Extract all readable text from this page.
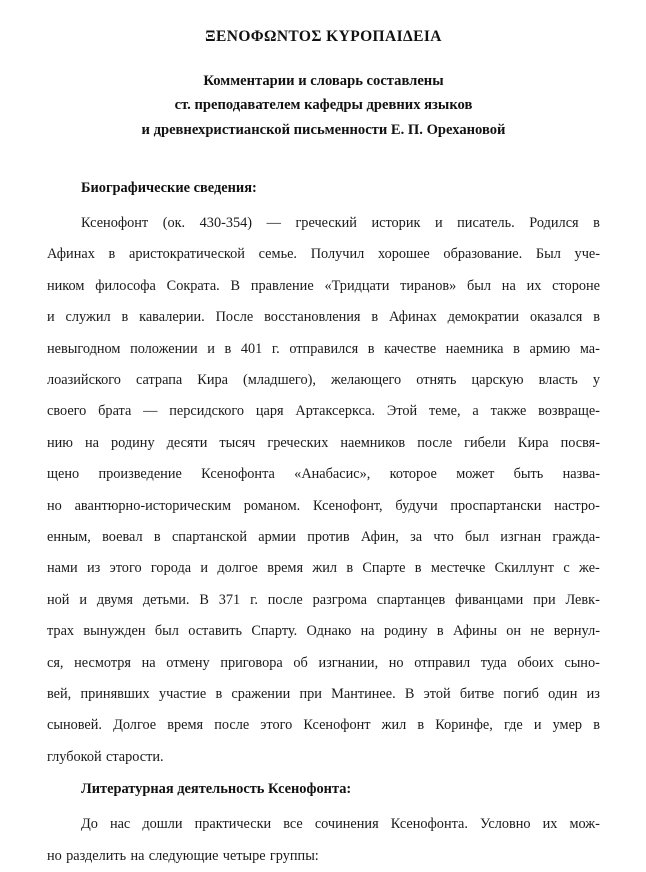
ΞΕΝΟΦΩΝΤΟΣ ΚΥΡΟΠΑΙΔΕΙΑ
Комментарии и словарь составлены
ст. преподавателем кафедры древних языков
и древнехристианской письменности Е. П. Орехановой
Биографические сведения:
Ксенофонт (ок. 430-354) — греческий историк и писатель. Родился в
Афинах в аристократической семье. Получил хорошее образование. Был уче-
ником философа Сократа. В правление «Тридцати тиранов» был на их стороне
и служил в кавалерии. После восстановления в Афинах демократии оказался в
невыгодном положении и в 401 г. отправился в качестве наемника в армию ма-
лоазийского сатрапа Кира (младшего), желающего отнять царскую власть у
своего брата — персидского царя Артаксеркса. Этой теме, а также возвраще-
нию на родину десяти тысяч греческих наемников после гибели Кира посвя-
щено произведение Ксенофонта «Анабасис», которое может быть назва-
но авантюрно-историческим романом. Ксенофонт, будучи проспартански настро-
енным, воевал в спартанской армии против Афин, за что был изгнан гражда-
нами из этого города и долгое время жил в Спарте в местечке Скиллунт с же-
ной и двумя детьми. В 371 г. после разгрома спартанцев фиванцами при Левк-
трах вынужден был оставить Спарту. Однако на родину в Афины он не вернул-
ся, несмотря на отмену приговора об изгнании, но отправил туда обоих сыно-
вей, принявших участие в сражении при Мантинее. В этой битве погиб один из
сыновей. Долгое время после этого Ксенофонт жил в Коринфе, где и умер в
глубокой старости.
Литературная деятельность Ксенофонта:
До нас дошли практически все сочинения Ксенофонта. Условно их мож-
но разделить на следующие четыре группы:
